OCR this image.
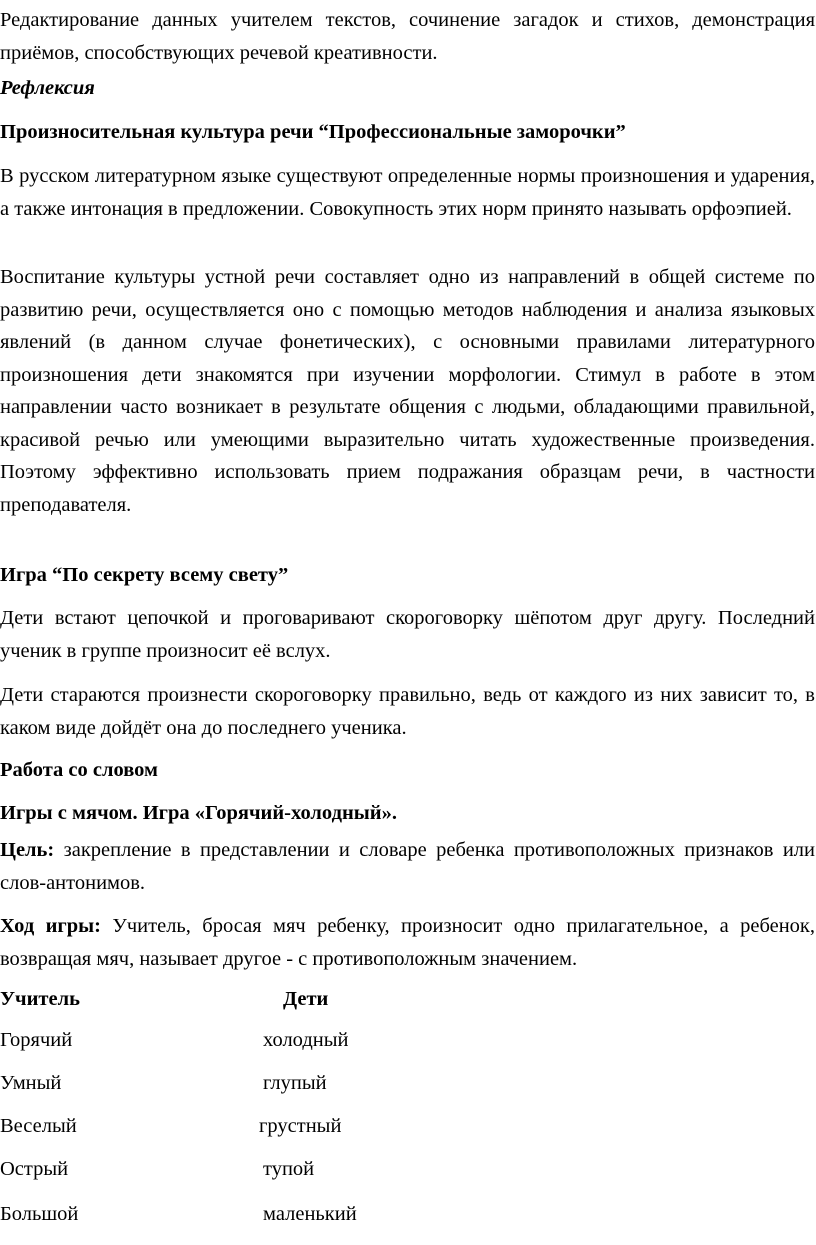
Редактирование данных учителем текстов, сочинение загадок и стихов, демонстрация приёмов, способствующих речевой креативности.

Рефлексия

Произносительная культура речи “Профессиональные заморочки”

В русском литературном языке существуют определенные нормы произношения и ударения, а также интонация в предложении. Совокупность этих норм принято называть орфоэпией.

Воспитание культуры устной речи составляет одно из направлений в общей системе по развитию речи, осуществляется оно с помощью методов наблюдения и анализа языковых явлений (в данном случае фонетических), с основными правилами литературного произношения дети знакомятся при изучении морфологии. Стимул в работе в этом направлении часто возникает в результате общения с людьми, обладающими правильной, красивой речью или умеющими выразительно читать художественные произведения. Поэтому эффективно использовать прием подражания образцам речи, в частности преподавателя.

Игра “По секрету всему свету”

Дети встают цепочкой и проговаривают скороговорку шёпотом друг другу. Последний ученик в группе произносит её вслух.

Дети стараются произнести скороговорку правильно, ведь от каждого из них зависит то, в каком виде дойдёт она до последнего ученика.

Работа со словом

Игры с мячом. Игра «Горячий-холодный».

Цель: закрепление в представлении и словаре ребенка противоположных признаков или слов-антонимов.

Ход игры: Учитель, бросая мяч ребенку, произносит одно прилагательное, а ребенок, возвращая мяч, называет другое - с противоположным значением.

Учитель	Дети
Горячий	холодный
Умный	глупый
Веселый	грустный
Острый	тупой
Большой	маленький
